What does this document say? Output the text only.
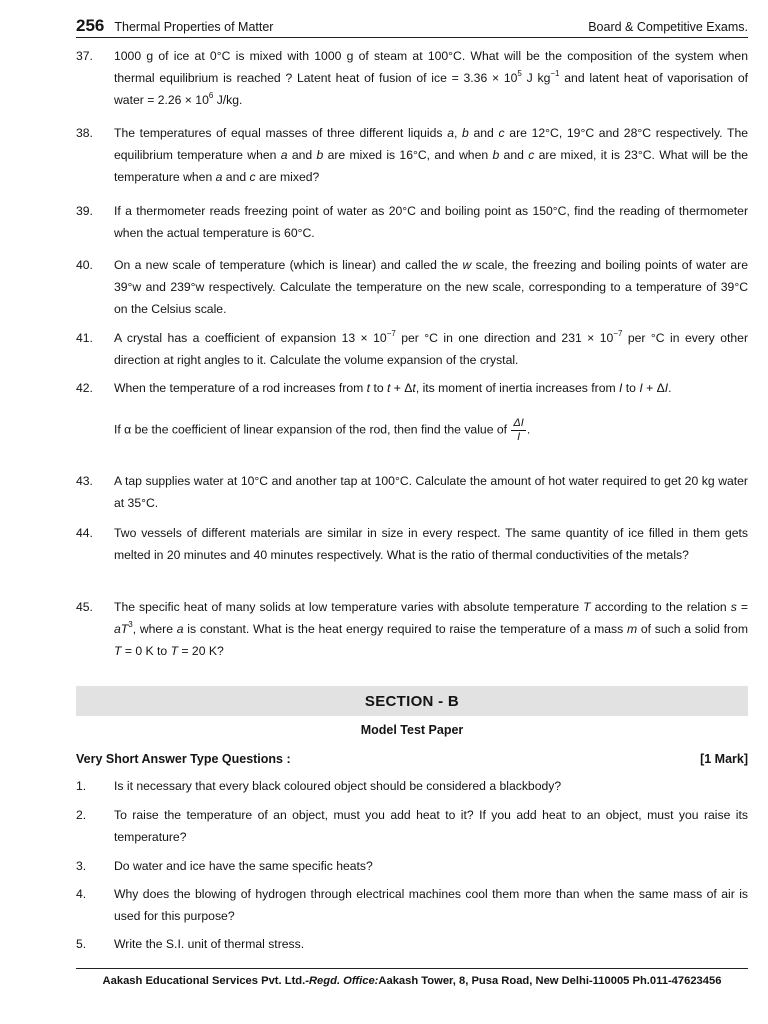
256 Thermal Properties of Matter	Board & Competitive Exams.
37.	1000 g of ice at 0°C is mixed with 1000 g of steam at 100°C. What will be the composition of the system when thermal equilibrium is reached ? Latent heat of fusion of ice = $3.36 \times 10^5$ J $kg^{-1}$ and latent heat of vaporisation of water = $2.26 \times 10^6$ J/kg.
38.	The temperatures of equal masses of three different liquids a, b and c are 12°C, 19°C and 28°C respectively. The equilibrium temperature when a and b are mixed is 16°C, and when b and c are mixed, it is 23°C. What will be the temperature when a and c are mixed?
39.	If a thermometer reads freezing point of water as 20°C and boiling point as 150°C, find the reading of thermometer when the actual temperature is 60°C.
40.	On a new scale of temperature (which is linear) and called the w scale, the freezing and boiling points of water are 39°w and 239°w respectively. Calculate the temperature on the new scale, corresponding to a temperature of 39°C on the Celsius scale.
41.	A crystal has a coefficient of expansion $13 \times 10^{-7}$ per °C in one direction and $231 \times 10^{-7}$ per °C in every other direction at right angles to it. Calculate the volume expansion of the crystal.
42.	When the temperature of a rod increases from t to t + Δt, its moment of inertia increases from I to I + ΔI.

If α be the coefficient of linear expansion of the rod, then find the value of $\frac{\Delta I}{I}$ .

43.	A tap supplies water at 10°C and another tap at 100°C. Calculate the amount of hot water required to get 20 kg water at 35°C.
44.	Two vessels of different materials are similar in size in every respect. The same quantity of ice filled in them gets melted in 20 minutes and 40 minutes respectively. What is the ratio of thermal conductivities of the metals?
45.	The specific heat of many solids at low temperature varies with absolute temperature T according to the relation $s = aT^3$, where a is constant. What is the heat energy required to raise the temperature of a mass m of such a solid from T = 0 K to T = 20 K?
SECTION - B
Model Test Paper
Very Short Answer Type Questions :	[1 Mark]
1.	Is it necessary that every black coloured object should be considered a blackbody?
2.	To raise the temperature of an object, must you add heat to it? If you add heat to an object, must you raise its temperature?
3.	Do water and ice have the same specific heats?
4.	Why does the blowing of hydrogen through electrical machines cool them more than when the same mass of air is used for this purpose?
5.	Write the S.I. unit of thermal stress.
Aakash Educational Services Pvt. Ltd. -Regd. Office: Aakash Tower, 8, Pusa Road, New Delhi-110005 Ph.011-47623456
